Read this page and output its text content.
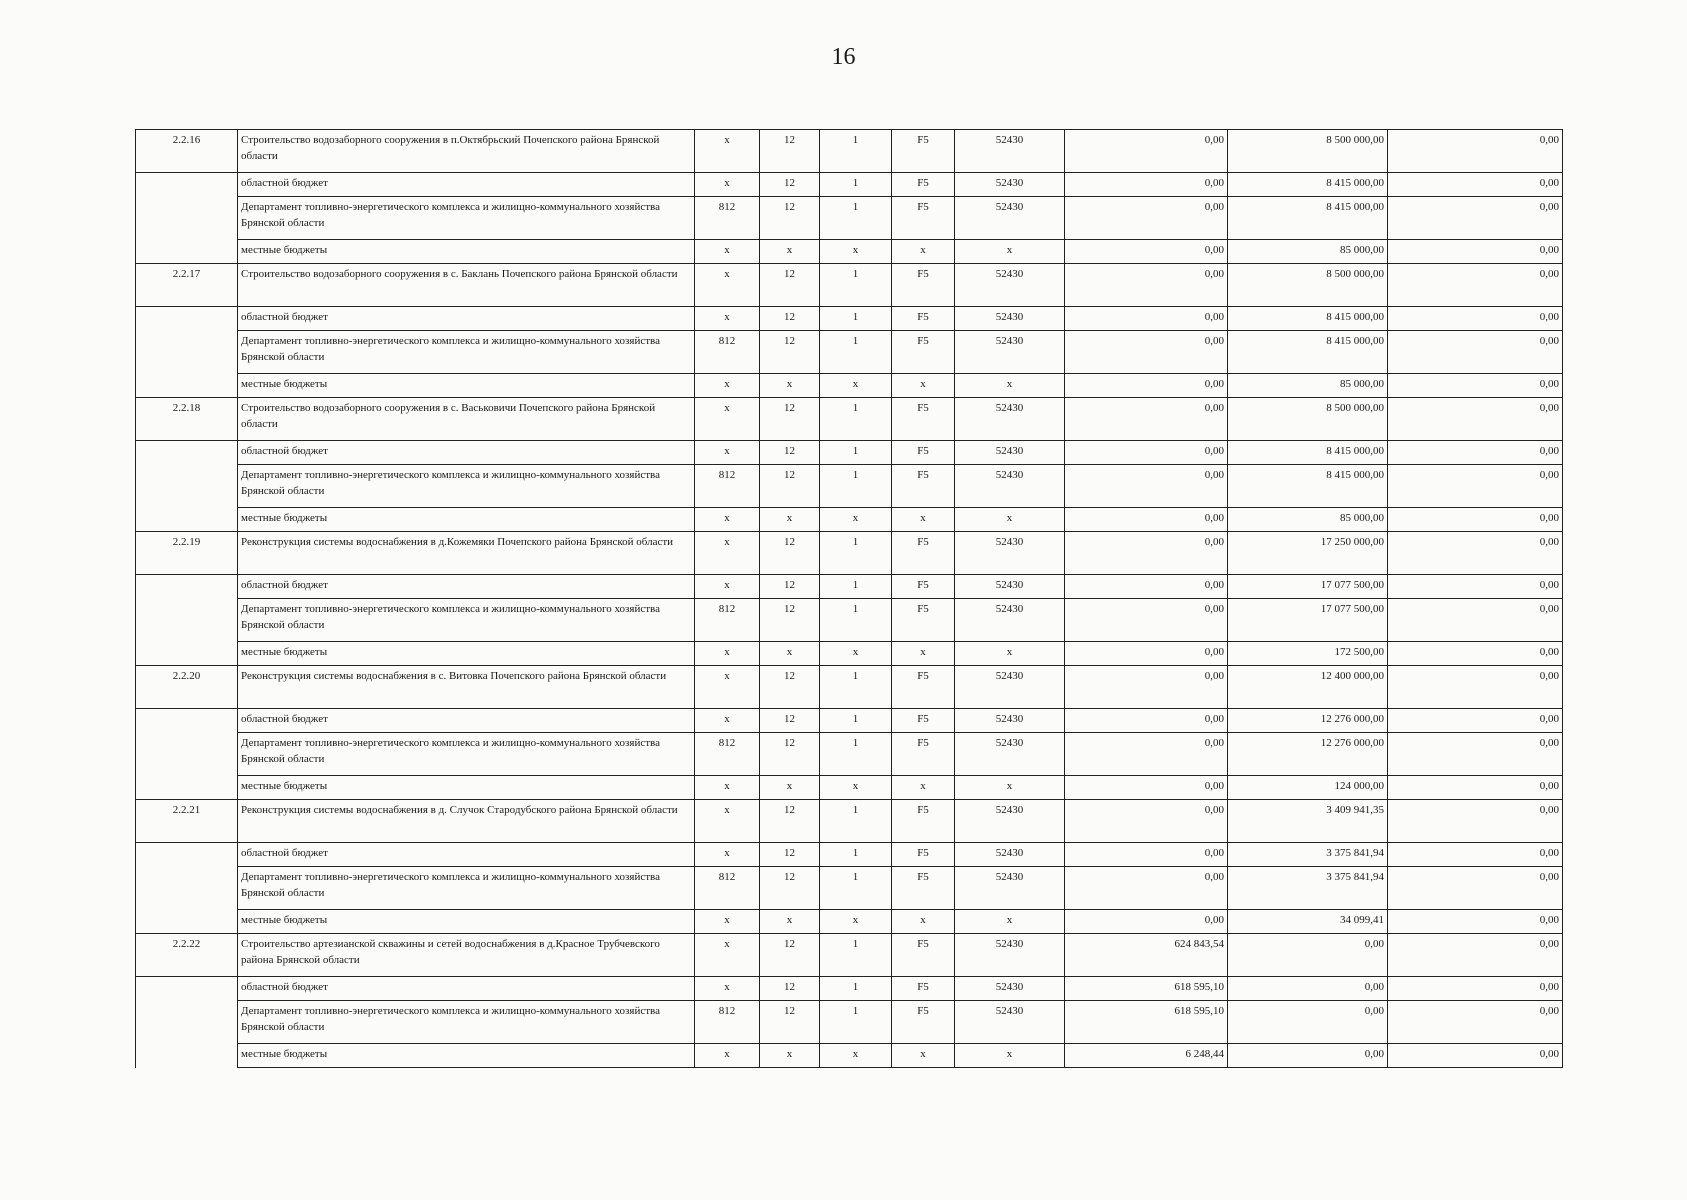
16
2.2.16	Строительство водозаборного сооружения в п.Октябрьский Почепского района Брянской области	х	12	1	F5	52430	0,00	8 500 000,00	0,00
	областной бюджет	х	12	1	F5	52430	0,00	8 415 000,00	0,00
	Департамент топливно-энергетического комплекса и жилищно-коммунального хозяйства Брянской области	812	12	1	F5	52430	0,00	8 415 000,00	0,00
	местные бюджеты	х	х	х	х	х	0,00	85 000,00	0,00
2.2.17	Строительство водозаборного сооружения в с. Баклань Почепского района Брянской области	х	12	1	F5	52430	0,00	8 500 000,00	0,00
	областной бюджет	х	12	1	F5	52430	0,00	8 415 000,00	0,00
	Департамент топливно-энергетического комплекса и жилищно-коммунального хозяйства Брянской области	812	12	1	F5	52430	0,00	8 415 000,00	0,00
	местные бюджеты	х	х	х	х	х	0,00	85 000,00	0,00
2.2.18	Строительство водозаборного сооружения в с. Васьковичи Почепского района Брянской области	х	12	1	F5	52430	0,00	8 500 000,00	0,00
	областной бюджет	х	12	1	F5	52430	0,00	8 415 000,00	0,00
	Департамент топливно-энергетического комплекса и жилищно-коммунального хозяйства Брянской области	812	12	1	F5	52430	0,00	8 415 000,00	0,00
	местные бюджеты	х	х	х	х	х	0,00	85 000,00	0,00
2.2.19	Реконструкция системы водоснабжения в д.Кожемяки Почепского района Брянской области	х	12	1	F5	52430	0,00	17 250 000,00	0,00
	областной бюджет	х	12	1	F5	52430	0,00	17 077 500,00	0,00
	Департамент топливно-энергетического комплекса и жилищно-коммунального хозяйства Брянской области	812	12	1	F5	52430	0,00	17 077 500,00	0,00
	местные бюджеты	х	х	х	х	х	0,00	172 500,00	0,00
2.2.20	Реконструкция системы водоснабжения в с. Витовка Почепского района Брянской области	х	12	1	F5	52430	0,00	12 400 000,00	0,00
	областной бюджет	х	12	1	F5	52430	0,00	12 276 000,00	0,00
	Департамент топливно-энергетического комплекса и жилищно-коммунального хозяйства Брянской области	812	12	1	F5	52430	0,00	12 276 000,00	0,00
	местные бюджеты	х	х	х	х	х	0,00	124 000,00	0,00
2.2.21	Реконструкция системы водоснабжения в д. Случок Стародубского района Брянской области	х	12	1	F5	52430	0,00	3 409 941,35	0,00
	областной бюджет	х	12	1	F5	52430	0,00	3 375 841,94	0,00
	Департамент топливно-энергетического комплекса и жилищно-коммунального хозяйства Брянской области	812	12	1	F5	52430	0,00	3 375 841,94	0,00
	местные бюджеты	х	х	х	х	х	0,00	34 099,41	0,00
2.2.22	Строительство артезианской скважины и сетей водоснабжения в д.Красное Трубчевского района Брянской области	х	12	1	F5	52430	624 843,54	0,00	0,00
	областной бюджет	х	12	1	F5	52430	618 595,10	0,00	0,00
	Департамент топливно-энергетического комплекса и жилищно-коммунального хозяйства Брянской области	812	12	1	F5	52430	618 595,10	0,00	0,00
	местные бюджеты	х	х	х	х	х	6 248,44	0,00	0,00
